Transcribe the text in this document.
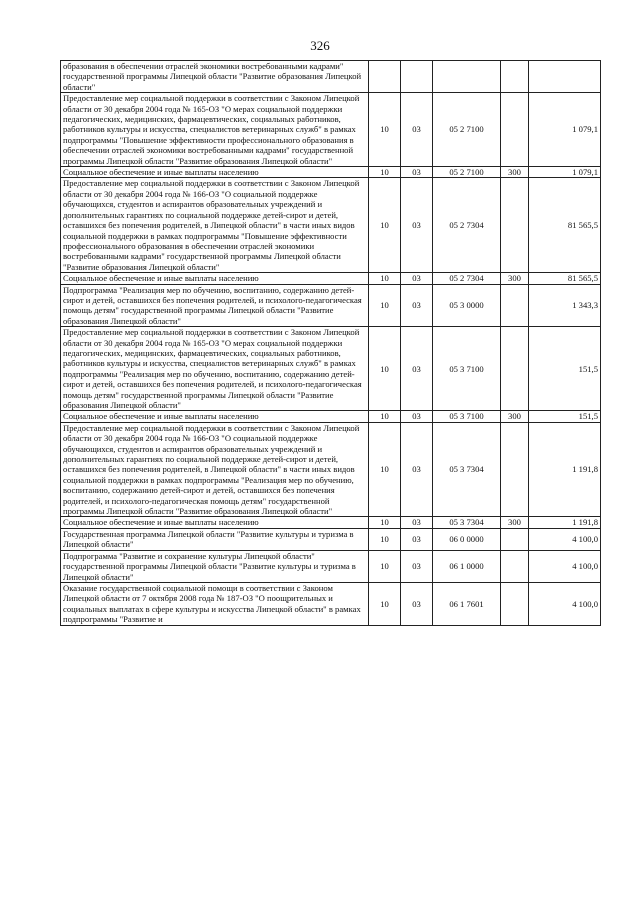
326
образования в обеспечении отраслей экономики востребованными кадрами" государственной программы Липецкой области "Развитие образования Липецкой области"					
Предоставление мер социальной поддержки в соответствии с Законом Липецкой области от 30 декабря 2004 года № 165-ОЗ "О мерах социальной поддержки педагогических, медицинских, фармацевтических, социальных работников, работников культуры и искусства, специалистов ветеринарных служб" в рамках подпрограммы "Повышение эффективности профессионального образования в обеспечении отраслей экономики востребованными кадрами" государственной программы Липецкой области "Развитие образования Липецкой области"	10	03	05 2 7100		1 079,1
Социальное обеспечение и иные выплаты населению	10	03	05 2 7100	300	1 079,1
Предоставление мер социальной поддержки в соответствии с Законом Липецкой области от 30 декабря 2004 года № 166-ОЗ "О социальной поддержке обучающихся, студентов и аспирантов образовательных учреждений и дополнительных гарантиях по социальной поддержке детей-сирот и детей, оставшихся без попечения родителей, в Липецкой области" в части иных видов социальной поддержки в рамках подпрограммы "Повышение эффективности профессионального образования в обеспечении отраслей экономики востребованными кадрами" государственной программы Липецкой области "Развитие образования Липецкой области"	10	03	05 2 7304		81 565,5
Социальное обеспечение и иные выплаты населению	10	03	05 2 7304	300	81 565,5
Подпрограмма "Реализация мер по обучению, воспитанию, содержанию детей-сирот и детей, оставшихся без попечения родителей, и психолого-педагогическая помощь детям" государственной программы Липецкой области "Развитие образования Липецкой области"	10	03	05 3 0000		1 343,3
Предоставление мер социальной поддержки в соответствии с Законом Липецкой области от 30 декабря 2004 года № 165-ОЗ "О мерах социальной поддержки педагогических, медицинских, фармацевтических, социальных работников, работников культуры и искусства, специалистов ветеринарных служб" в рамках подпрограммы "Реализация мер по обучению, воспитанию, содержанию детей-сирот и детей, оставшихся без попечения родителей, и психолого-педагогическая помощь детям" государственной программы Липецкой области "Развитие образования Липецкой области"	10	03	05 3 7100		151,5
Социальное обеспечение и иные выплаты населению	10	03	05 3 7100	300	151,5
Предоставление мер социальной поддержки в соответствии с Законом Липецкой области от 30 декабря 2004 года № 166-ОЗ "О социальной поддержке обучающихся, студентов и аспирантов образовательных учреждений и дополнительных гарантиях по социальной поддержке детей-сирот и детей, оставшихся без попечения родителей, в Липецкой области" в части иных видов социальной поддержки в рамках подпрограммы "Реализация мер по обучению, воспитанию, содержанию детей-сирот и детей, оставшихся без попечения родителей, и психолого-педагогическая помощь детям" государственной программы Липецкой области "Развитие образования Липецкой области"	10	03	05 3 7304		1 191,8
Социальное обеспечение и иные выплаты населению	10	03	05 3 7304	300	1 191,8
Государственная программа Липецкой области "Развитие культуры и туризма в Липецкой области"	10	03	06 0 0000		4 100,0
Подпрограмма "Развитие и сохранение культуры Липецкой области" государственной программы Липецкой области "Развитие культуры и туризма в Липецкой области"	10	03	06 1 0000		4 100,0
Оказание государственной социальной помощи в соответствии с Законом Липецкой области от 7 октября 2008 года № 187-ОЗ "О поощрительных и социальных выплатах в сфере культуры и искусства Липецкой области" в рамках подпрограммы "Развитие и	10	03	06 1 7601		4 100,0
